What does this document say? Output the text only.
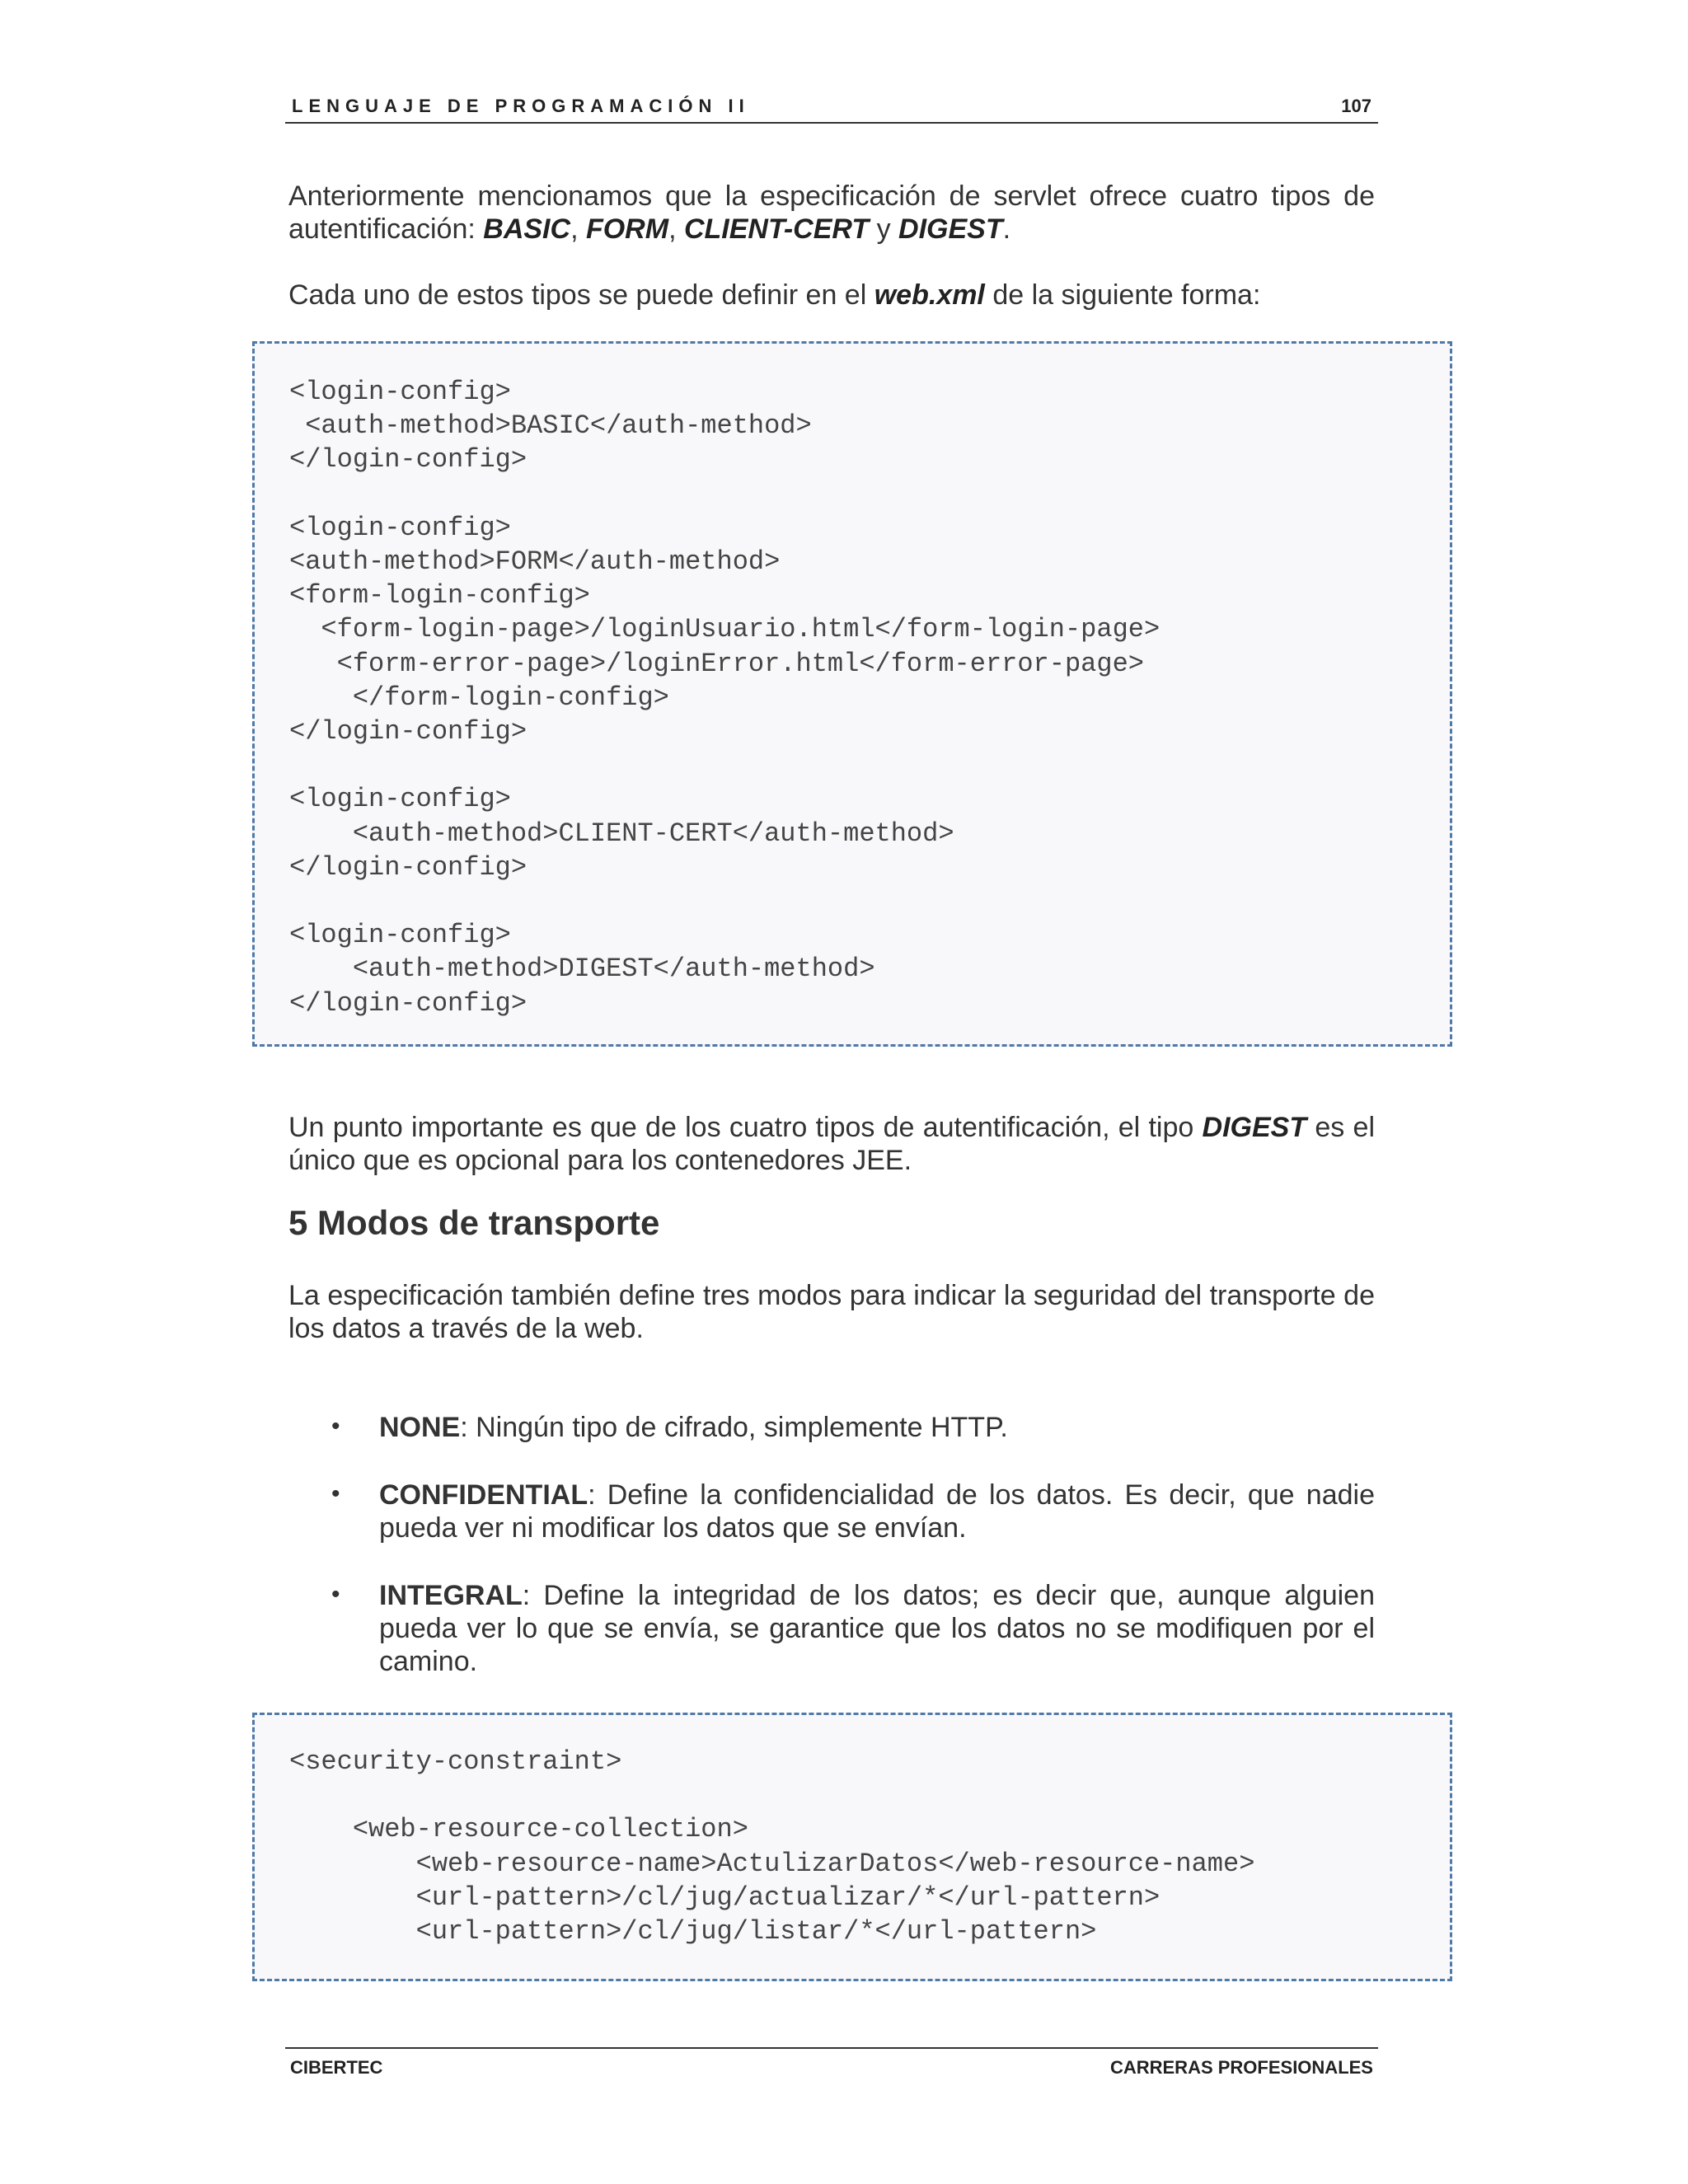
LENGUAJE DE PROGRAMACIÓN II	107
Anteriormente mencionamos que la especificación de servlet ofrece cuatro tipos de autentificación: BASIC, FORM, CLIENT-CERT y DIGEST.
Cada uno de estos tipos se puede definir en el web.xml de la siguiente forma:
<login-config>
<auth-method>BASIC</auth-method>
</login-config>

<login-config>
<auth-method>FORM</auth-method>
<form-login-config>
<form-login-page>/loginUsuario.html</form-login-page>
<form-error-page>/loginError.html</form-error-page>
</form-login-config>
</login-config>

<login-config>
<auth-method>CLIENT-CERT</auth-method>
</login-config>

<login-config>
<auth-method>DIGEST</auth-method>
</login-config>
Un punto importante es que de los cuatro tipos de autentificación, el tipo DIGEST es el único que es opcional para los contenedores JEE.
5 Modos de transporte
La especificación también define tres modos para indicar la seguridad del transporte de los datos a través de la web.
• NONE: Ningún tipo de cifrado, simplemente HTTP.
• CONFIDENTIAL: Define la confidencialidad de los datos. Es decir, que nadie pueda ver ni modificar los datos que se envían.
• INTEGRAL: Define la integridad de los datos; es decir que, aunque alguien pueda ver lo que se envía, se garantice que los datos no se modifiquen por el camino.
<security-constraint>

<web-resource-collection>
<web-resource-name>ActulizarDatos</web-resource-name>
<url-pattern>/cl/jug/actualizar/*</url-pattern>
<url-pattern>/cl/jug/listar/*</url-pattern>
CIBERTEC	CARRERAS PROFESIONALES
